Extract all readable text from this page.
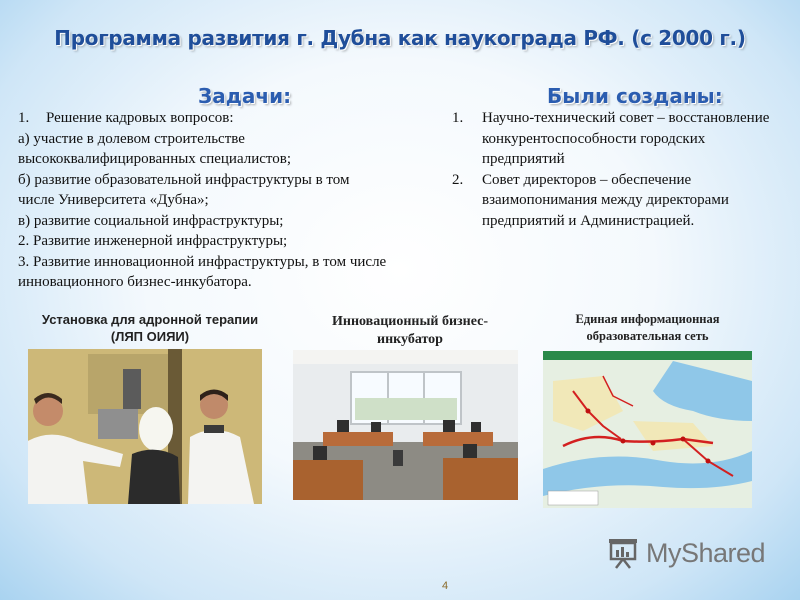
Программа развития г. Дубна как наукограда РФ. (с 2000 г.)
Задачи:	Были созданы:
1. Решение кадровых вопросов:
а) участие в долевом строительстве
высококвалифицированных специалистов;
б) развитие образовательной инфраструктуры в том
числе Университета «Дубна»;
в) развитие социальной инфраструктуры;
2. Развитие инженерной инфраструктуры;
3. Развитие инновационной инфраструктуры, в том числе
инновационного бизнес-инкубатора.
1.	Научно-технический совет – восстановление конкурентоспособности городских предприятий
2.	Совет директоров – обеспечение взаимопонимания между директорами предприятий и Администрацией.
Установка для адронной терапии (ЛЯП ОИЯИ)
Инновационный бизнес-инкубатор
Единая информационная образовательная сеть
MyShared
4
